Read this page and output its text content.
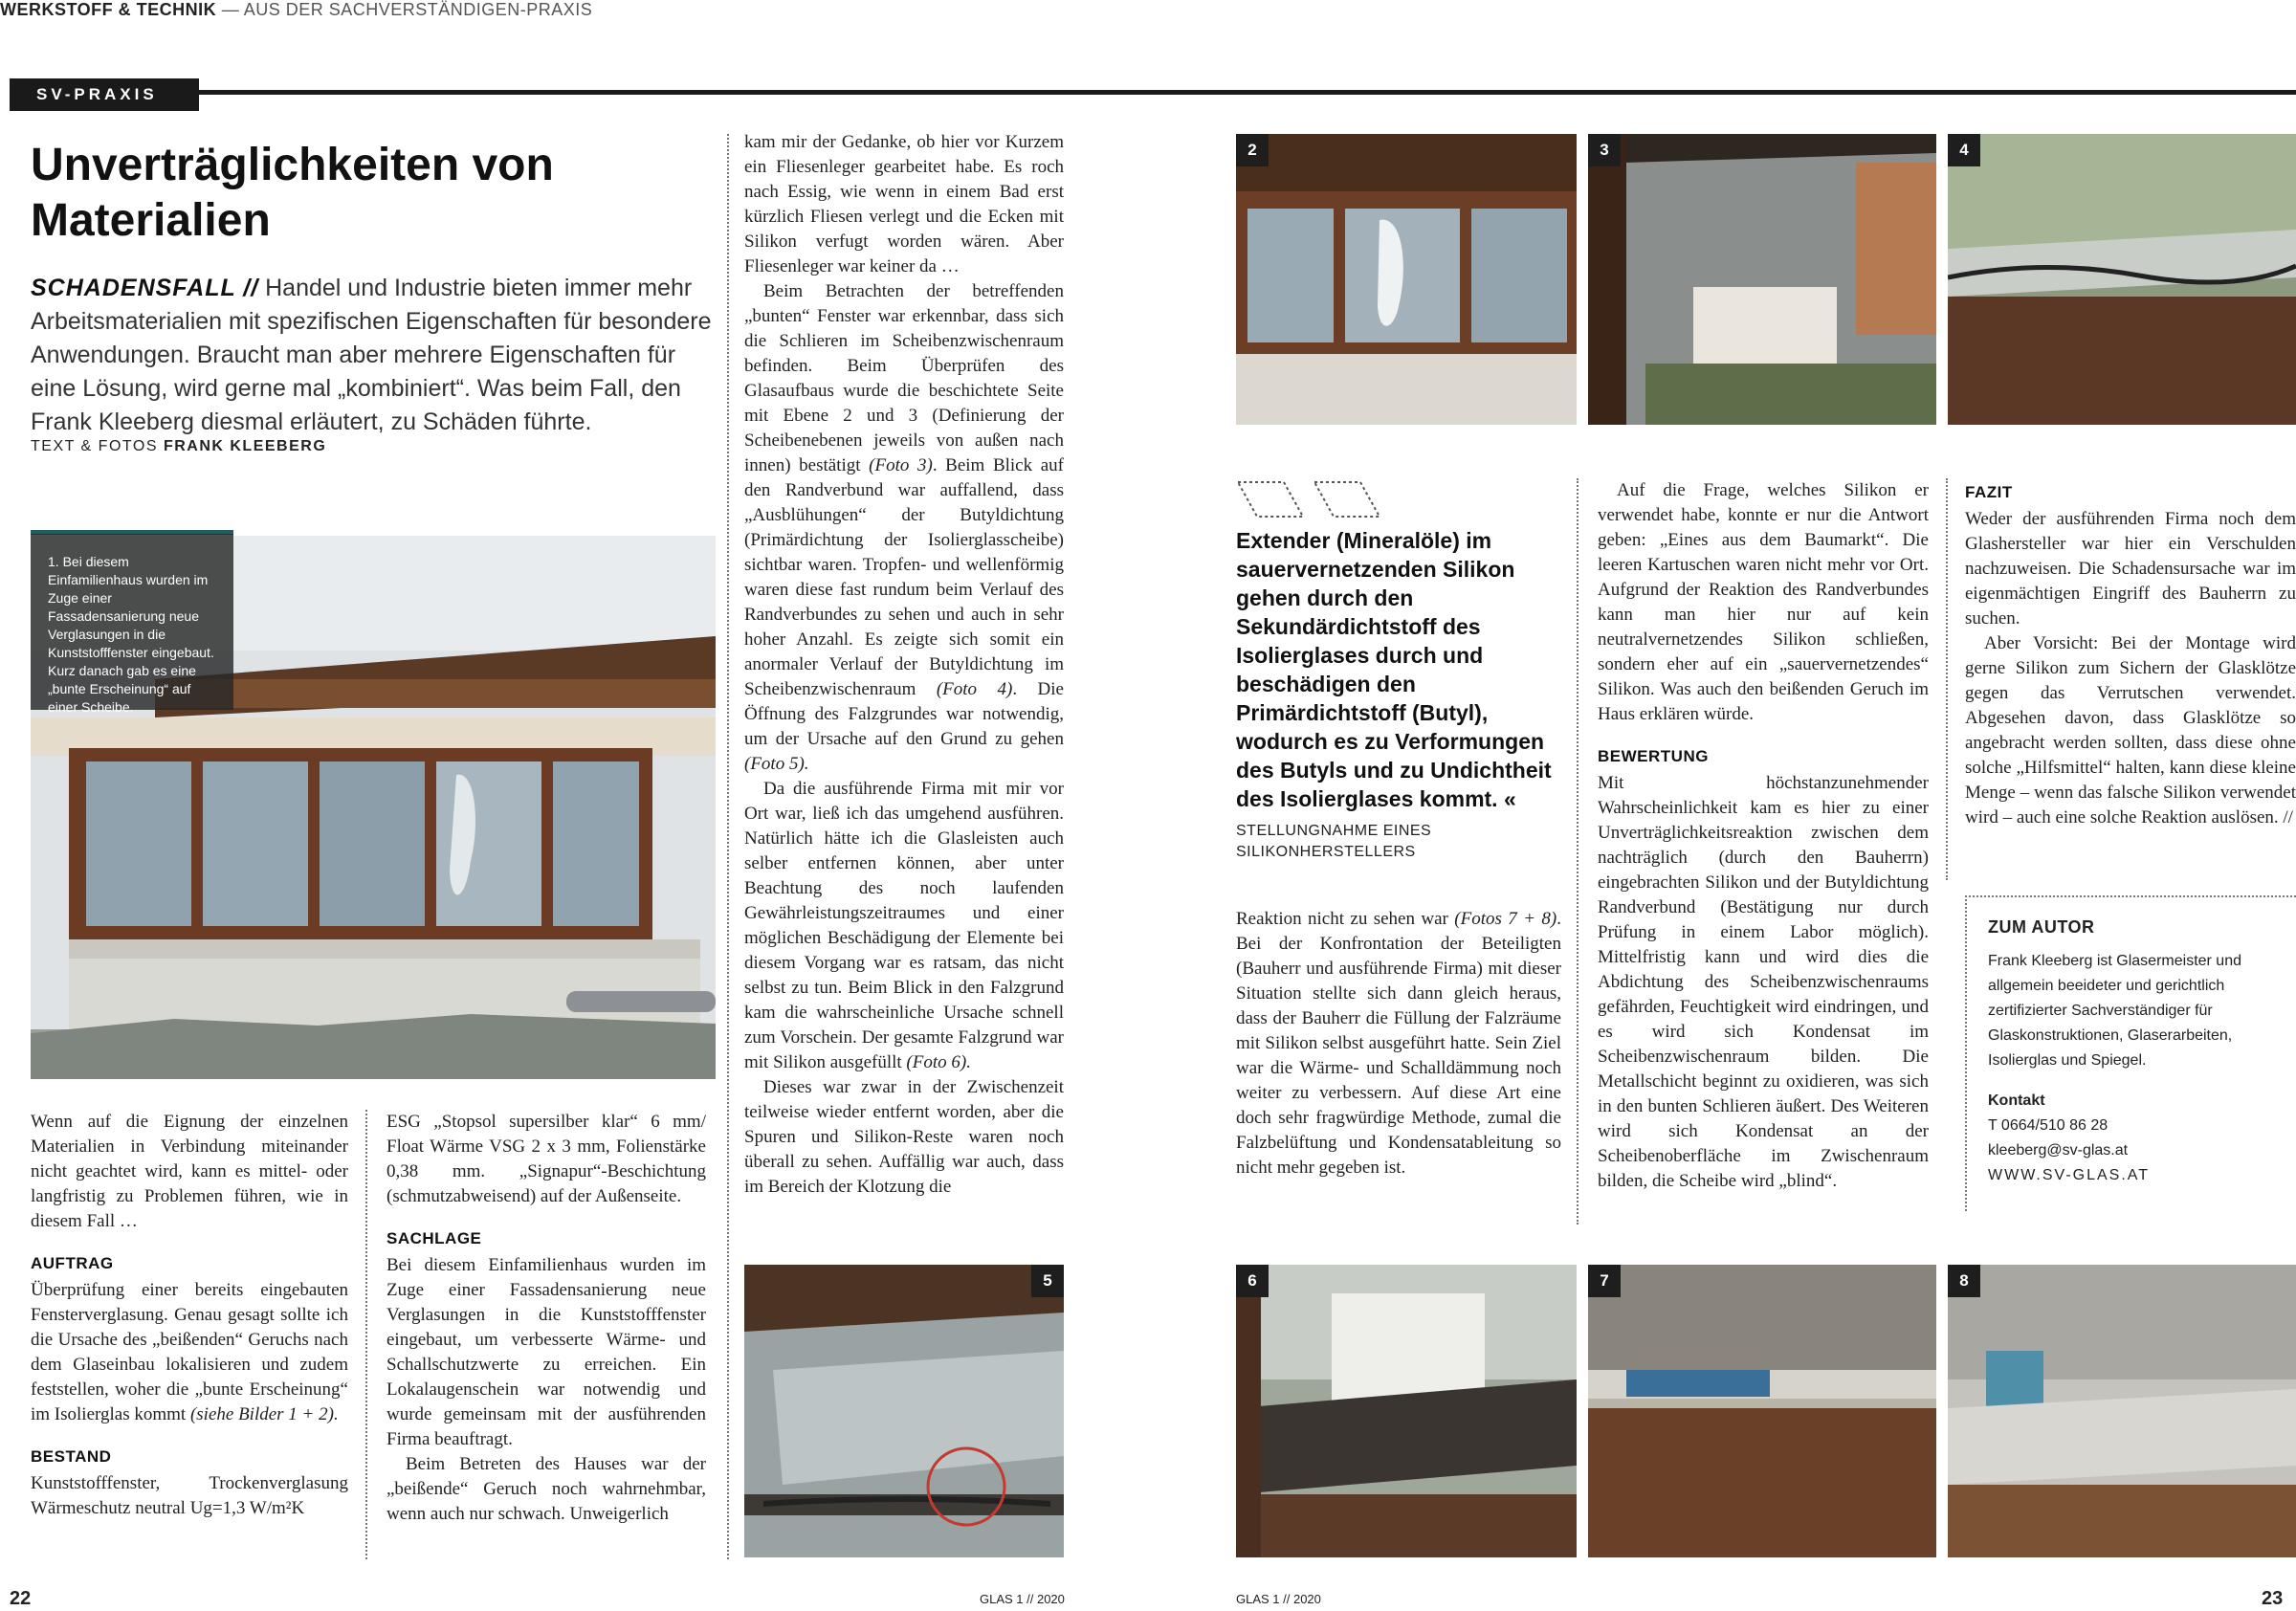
WERKSTOFF & TECHNIK — AUS DER SACHVERSTÄNDIGEN-PRAXIS
SV-PRAXIS
Unverträglichkeiten von
Materialien
SCHADENSFALL // Handel und Industrie bieten immer mehr Arbeitsmaterialien mit spezifischen Eigenschaften für besondere Anwendungen. Braucht man aber mehrere Eigenschaften für eine Lösung, wird gerne mal „kombiniert“. Was beim Fall, den Frank Kleeberg diesmal erläutert, zu Schäden führte.
TEXT & FOTOS FRANK KLEEBERG
1. Bei diesem Einfamilienhaus wurden im Zuge einer Fassadensanierung neue Verglasungen in die Kunststofffenster eingebaut. Kurz danach gab es eine „bunte Erscheinung“ auf einer Scheibe.

Wenn auf die Eignung der einzelnen Materialien in Verbindung miteinander nicht geachtet wird, kann es mittel- oder langfristig zu Problemen führen, wie in diesem Fall …

AUFTRAG

Überprüfung einer bereits eingebauten Fensterverglasung. Genau gesagt sollte ich die Ursache des „beißenden“ Geruchs nach dem Glaseinbau lokalisieren und zudem feststellen, woher die „bunte Erscheinung“ im Isolierglas kommt (siehe Bilder 1 + 2).

BESTAND

Kunststofffenster, Trockenverglasung Wärmeschutz neutral Ug=1,3 W/m²K

ESG „Stopsol supersilber klar“ 6 mm/ Float Wärme VSG 2 x 3 mm, Folienstärke 0,38 mm. „Signapur“-Beschichtung (schmutzabweisend) auf der Außenseite.

SACHLAGE

Bei diesem Einfamilienhaus wurden im Zuge einer Fassadensanierung neue Verglasungen in die Kunststofffenster eingebaut, um verbesserte Wärme- und Schallschutzwerte zu erreichen. Ein Lokalaugenschein war notwendig und wurde gemeinsam mit der ausführenden Firma beauftragt.

Beim Betreten des Hauses war der „beißende“ Geruch noch wahrnehmbar, wenn auch nur schwach. Unweigerlich

kam mir der Gedanke, ob hier vor Kurzem ein Fliesenleger gearbeitet habe. Es roch nach Essig, wie wenn in einem Bad erst kürzlich Fliesen verlegt und die Ecken mit Silikon verfugt worden wären. Aber Fliesenleger war keiner da …

Beim Betrachten der betreffenden „bunten“ Fenster war erkennbar, dass sich die Schlieren im Scheibenzwischenraum befinden. Beim Überprüfen des Glasaufbaus wurde die beschichtete Seite mit Ebene 2 und 3 (Definierung der Scheibenebenen jeweils von außen nach innen) bestätigt (Foto 3). Beim Blick auf den Randverbund war auffallend, dass „Ausblühungen“ der Butyldichtung (Primärdichtung der Isolierglasscheibe) sichtbar waren. Tropfen- und wellenförmig waren diese fast rundum beim Verlauf des Randverbundes zu sehen und auch in sehr hoher Anzahl. Es zeigte sich somit ein anormaler Verlauf der Butyldichtung im Scheibenzwischenraum (Foto 4). Die Öffnung des Falzgrundes war notwendig, um der Ursache auf den Grund zu gehen (Foto 5).

Da die ausführende Firma mit mir vor Ort war, ließ ich das umgehend ausführen. Natürlich hätte ich die Glasleisten auch selber entfernen können, aber unter Beachtung des noch laufenden Gewährleistungszeitraumes und einer möglichen Beschädigung der Elemente bei diesem Vorgang war es ratsam, das nicht selbst zu tun. Beim Blick in den Falzgrund kam die wahrscheinliche Ursache schnell zum Vorschein. Der gesamte Falzgrund war mit Silikon ausgefüllt (Foto 6).

Dieses war zwar in der Zwischenzeit teilweise wieder entfernt worden, aber die Spuren und Silikon-Reste waren noch überall zu sehen. Auffällig war auch, dass im Bereich der Klotzung die

5
2	3	4
Extender (Mineralöle) im sauervernetzenden Silikon gehen durch den Sekundärdichtstoff des Isolierglases durch und beschädigen den Primärdichtstoff (Butyl), wodurch es zu Verformungen des Butyls und zu Undichtheit des Isolierglases kommt. «
STELLUNGNAHME EINES SILIKONHERSTELLERS

Reaktion nicht zu sehen war (Fotos 7 + 8). Bei der Konfrontation der Beteiligten (Bauherr und ausführende Firma) mit dieser Situation stellte sich dann gleich heraus, dass der Bauherr die Füllung der Falzräume mit Silikon selbst ausgeführt hatte. Sein Ziel war die Wärme- und Schalldämmung noch weiter zu verbessern. Auf diese Art eine doch sehr fragwürdige Methode, zumal die Falzbelüftung und Kondensatableitung so nicht mehr gegeben ist.

Auf die Frage, welches Silikon er verwendet habe, konnte er nur die Antwort geben: „Eines aus dem Baumarkt“. Die leeren Kartuschen waren nicht mehr vor Ort. Aufgrund der Reaktion des Randverbundes kann man hier nur auf kein neutralvernetzendes Silikon schließen, sondern eher auf ein „sauervernetzendes“ Silikon. Was auch den beißenden Geruch im Haus erklären würde.

BEWERTUNG

Mit höchstanzunehmender Wahrscheinlichkeit kam es hier zu einer Unverträglichkeitsreaktion zwischen dem nachträglich (durch den Bauherrn) eingebrachten Silikon und der Butyldichtung Randverbund (Bestätigung nur durch Prüfung in einem Labor möglich). Mittelfristig kann und wird dies die Abdichtung des Scheibenzwischenraums gefährden, Feuchtigkeit wird eindringen, und es wird sich Kondensat im Scheibenzwischenraum bilden. Die Metallschicht beginnt zu oxidieren, was sich in den bunten Schlieren äußert. Des Weiteren wird sich Kondensat an der Scheibenoberfläche im Zwischenraum bilden, die Scheibe wird „blind“.

FAZIT

Weder der ausführenden Firma noch dem Glashersteller war hier ein Verschulden nachzuweisen. Die Schadensursache war im eigenmächtigen Eingriff des Bauherrn zu suchen.

Aber Vorsicht: Bei der Montage wird gerne Silikon zum Sichern der Glasklötze gegen das Verrutschen verwendet. Abgesehen davon, dass Glasklötze so angebracht werden sollten, dass diese ohne solche „Hilfsmittel“ halten, kann diese kleine Menge – wenn das falsche Silikon verwendet wird – auch eine solche Reaktion auslösen. //

ZUM AUTOR
Frank Kleeberg ist Glasermeister und allgemein beeideter und gerichtlich zertifizierter Sachverständiger für Glaskonstruktionen, Glaserarbeiten, Isolierglas und Spiegel.
Kontakt
T 0664/510 86 28
kleeberg@sv-glas.at
WWW.SV-GLAS.AT
6	7	8
22	GLAS 1 // 2020	GLAS 1 // 2020	23
